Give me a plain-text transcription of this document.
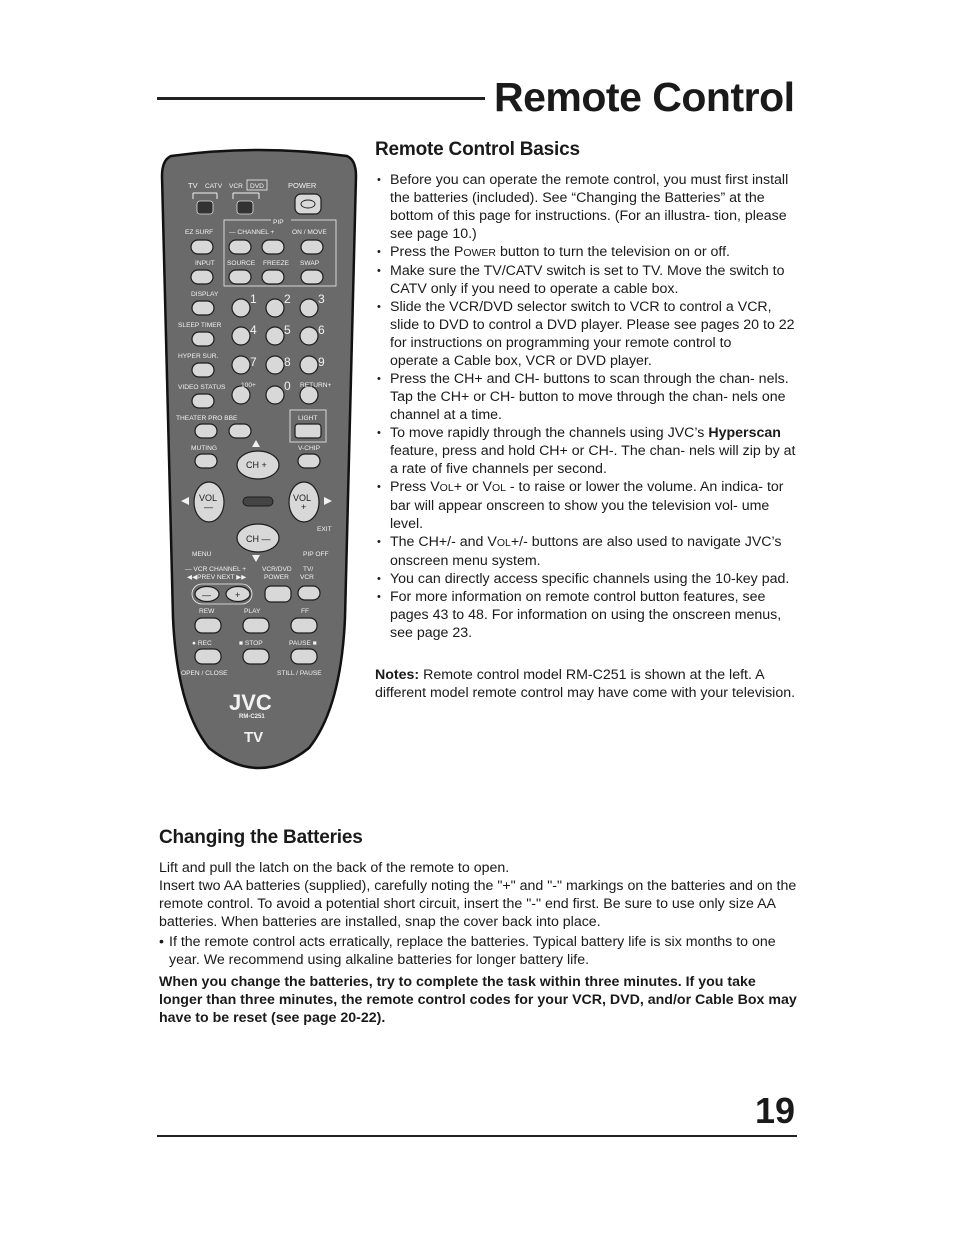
Remote Control
TV CATV VCR DVD	POWER
PIP
EZ SURF — CHANNEL +	ON / MOVE
INPUT SOURCE FREEZE SWAP
DISPLAY
SLEEP TIMER
HYPER SUR.
VIDEO STATUS
THEATER PRO BBE
1 2 3
4 5 6
7 8 9
100+ 0 RETURN+
LIGHT
MUTING	V-CHIP
CH +
CH —
VOL
—
VOL
+
EXIT
MENU	PIP OFF
— VCR CHANNEL +
◀◀PREV NEXT ▶▶
VCR/DVD
POWER
TV/
VCR
—	+
REW	PLAY	FF
● REC	■ STOP	PAUSE ■
OPEN / CLOSE	STILL / PAUSE
JVC
RM-C251
TV
Remote Control Basics
• Before you can operate the remote control, you must first install the batteries (included). See “Changing the Batteries” at the bottom of this page for instructions. (For an illustra- tion, please see page 10.)
• Press the POWER button to turn the television on or off.
• Make sure the TV/CATV switch is set to TV. Move the switch to CATV only if you need to operate a cable box.
• Slide the VCR/DVD selector switch to VCR to control a VCR, slide to DVD to control a DVD player. Please see pages 20 to 22 for instructions on programming your remote control to
operate a Cable box, VCR or DVD player.
• Press the CH+ and CH- buttons to scan through the chan- nels. Tap the CH+ or CH- button to move through the chan- nels one channel at a time.
• To move rapidly through the channels using JVC’s Hyperscan feature, press and hold CH+ or CH-. The chan- nels will zip by at a rate of five channels per second.
• Press VOL+ or VOL - to raise or lower the volume. An indica- tor bar will appear onscreen to show you the television vol- ume level.
• The CH+/- and VOL+/- buttons are also used to navigate JVC’s onscreen menu system.
• You can directly access specific channels using the 10-key pad.
• For more information on remote control button features, see pages 43 to 48. For information on using the onscreen menus, see page 23.
Notes: Remote control model RM-C251 is shown at the left. A different model remote control may have come with your television.
Changing the Batteries

Lift and pull the latch on the back of the remote to open.

Insert two AA batteries (supplied), carefully noting the "+" and "-" markings on the batteries and on the remote control. To avoid a potential short circuit, insert the "-" end first. Be sure to use only size AA batteries. When batteries are installed, snap the cover back into place.

• If the remote control acts erratically, replace the batteries. Typical battery life is six months to one year. We recommend using alkaline batteries for longer battery life.

When you change the batteries, try to complete the task within three minutes. If you take longer than three minutes, the remote control codes for your VCR, DVD, and/or Cable Box may have to be reset (see page 20-22).

19
